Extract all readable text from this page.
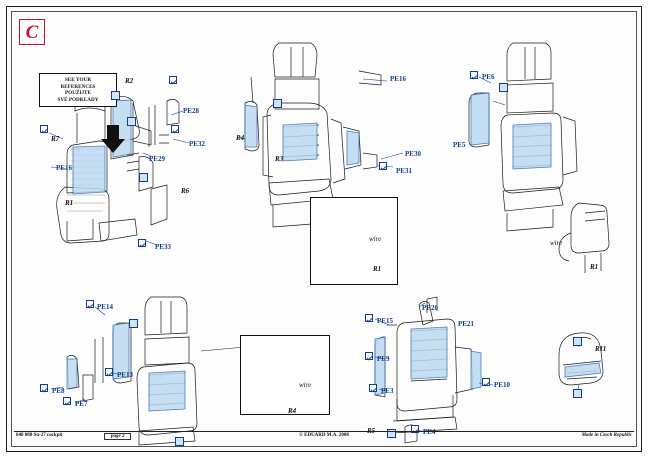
C
SEE YOUR
REFERENCES
POUŽIJTE
SVÉ PODKLADY
R2
R7
R1
R6
R4
R3
R1	R1
R4
R5
R11
wire	wire
wire
PE28
PE32
PE29
PE16
PE33
PE16
PE30
PE31
PE6
PE5
PE14
PE13
PE8
PE7
PE15
PE20
PE21
PE9
PE3
PE10
PE4
648 088 Su-27 cockpit	page 2	© EDUARD M.A. 2008	Made in Czech Republic
